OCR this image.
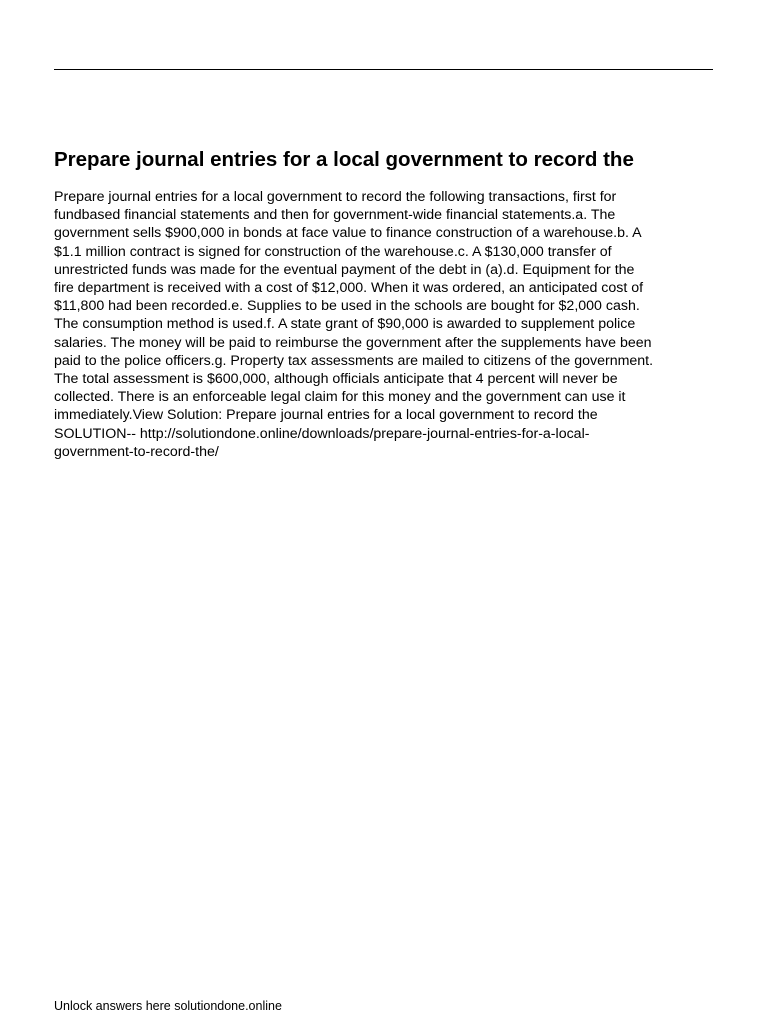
Prepare journal entries for a local government to record the
Prepare journal entries for a local government to record the following transactions, first for
fundbased financial statements and then for government-wide financial statements.a. The
government sells $900,000 in bonds at face value to finance construction of a warehouse.b. A
$1.1 million contract is signed for construction of the warehouse.c. A $130,000 transfer of
unrestricted funds was made for the eventual payment of the debt in (a).d. Equipment for the
fire department is received with a cost of $12,000. When it was ordered, an anticipated cost of
$11,800 had been recorded.e. Supplies to be used in the schools are bought for $2,000 cash.
The consumption method is used.f. A state grant of $90,000 is awarded to supplement police
salaries. The money will be paid to reimburse the government after the supplements have been
paid to the police officers.g. Property tax assessments are mailed to citizens of the government.
The total assessment is $600,000, although officials anticipate that 4 percent will never be
collected. There is an enforceable legal claim for this money and the government can use it
immediately.View Solution: Prepare journal entries for a local government to record the
SOLUTION-- http://solutiondone.online/downloads/prepare-journal-entries-for-a-local-
government-to-record-the/

Unlock answers here solutiondone.online
